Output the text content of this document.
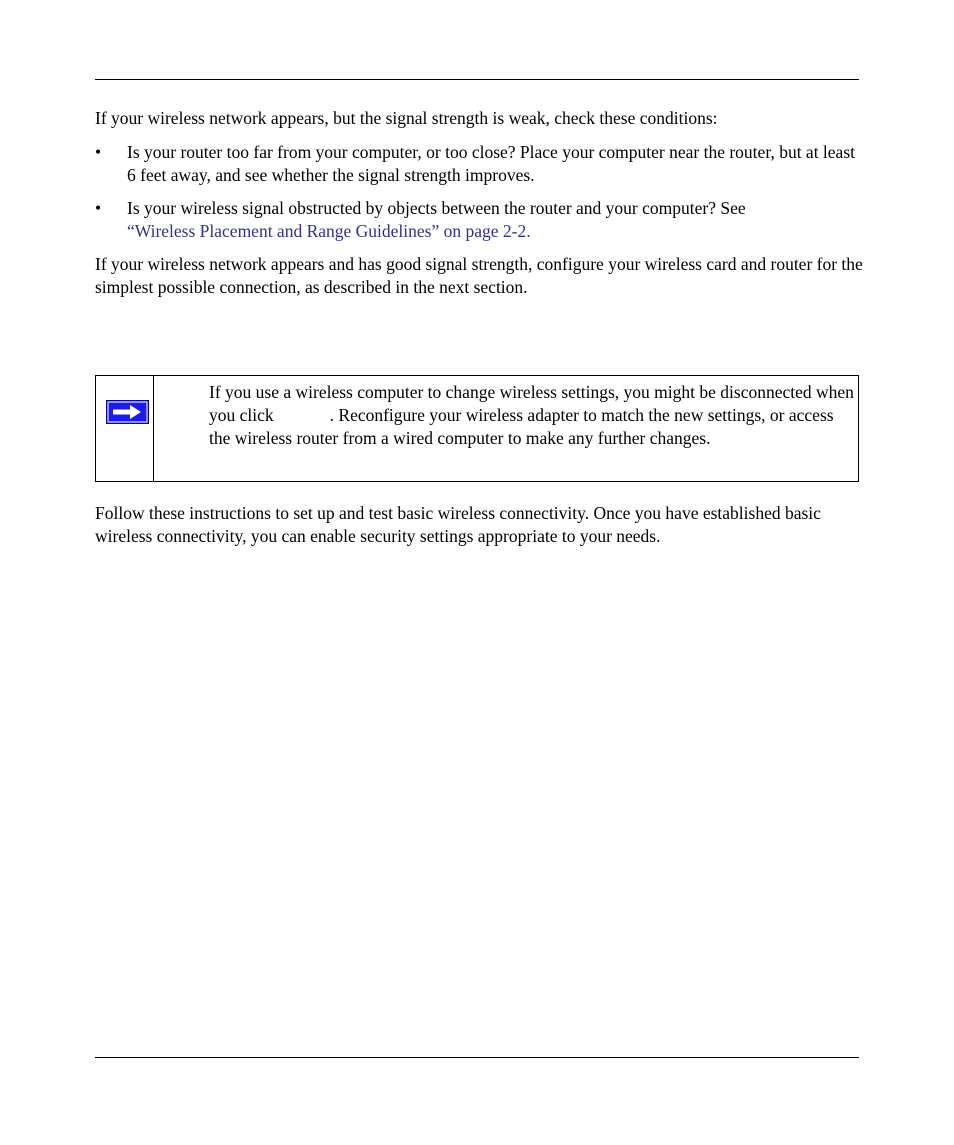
If your wireless network appears, but the signal strength is weak, check these conditions:

• Is your router too far from your computer, or too close? Place your computer near the router, but at least 6 feet away, and see whether the signal strength improves.
• Is your wireless signal obstructed by objects between the router and your computer? See
“Wireless Placement and Range Guidelines” on page 2-2.

If your wireless network appears and has good signal strength, configure your wireless card and router for the simplest possible connection, as described in the next section.

If you use a wireless computer to change wireless settings, you might be disconnected when you click	. Reconfigure your wireless adapter to match the new settings, or access the wireless router from a wired computer to make any further changes.

Follow these instructions to set up and test basic wireless connectivity. Once you have established basic wireless connectivity, you can enable security settings appropriate to your needs.
